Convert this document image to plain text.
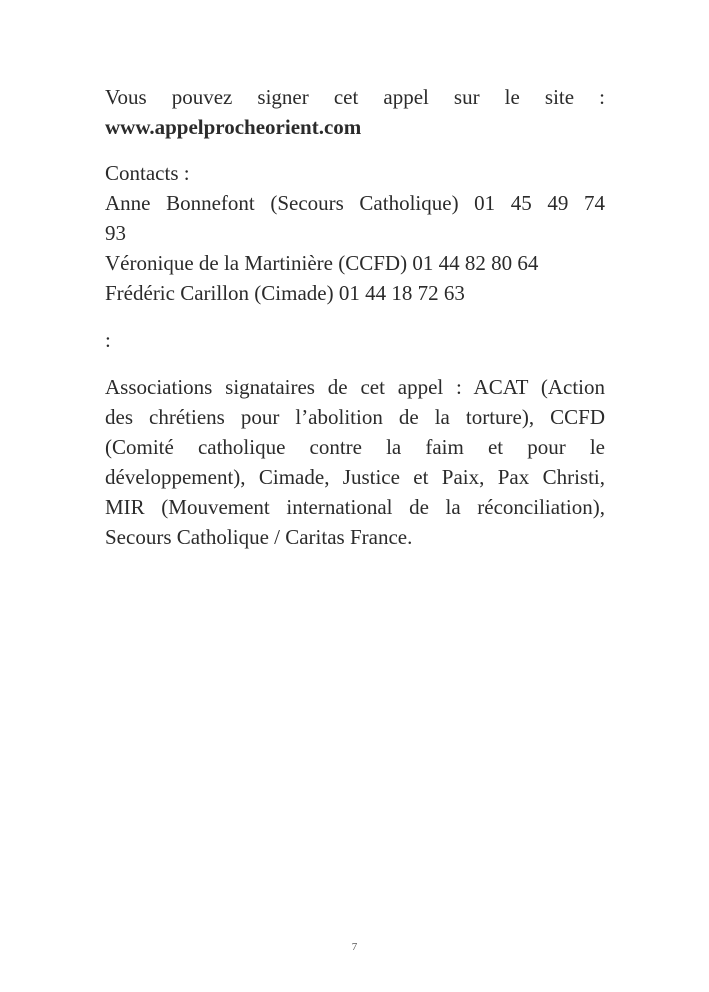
Vous pouvez signer cet appel sur le site :
www.appelprocheorient.com
Contacts :
Anne Bonnefont (Secours Catholique) 01 45 49 74
93
Véronique de la Martinière (CCFD) 01 44 82 80 64
Frédéric Carillon (Cimade) 01 44 18 72 63
:
Associations signataires de cet appel : ACAT (Action
des chrétiens pour l’abolition de la torture), CCFD
(Comité catholique contre la faim et pour le
développement), Cimade, Justice et Paix, Pax Christi,
MIR (Mouvement international de la réconciliation),
Secours Catholique / Caritas France.
7
